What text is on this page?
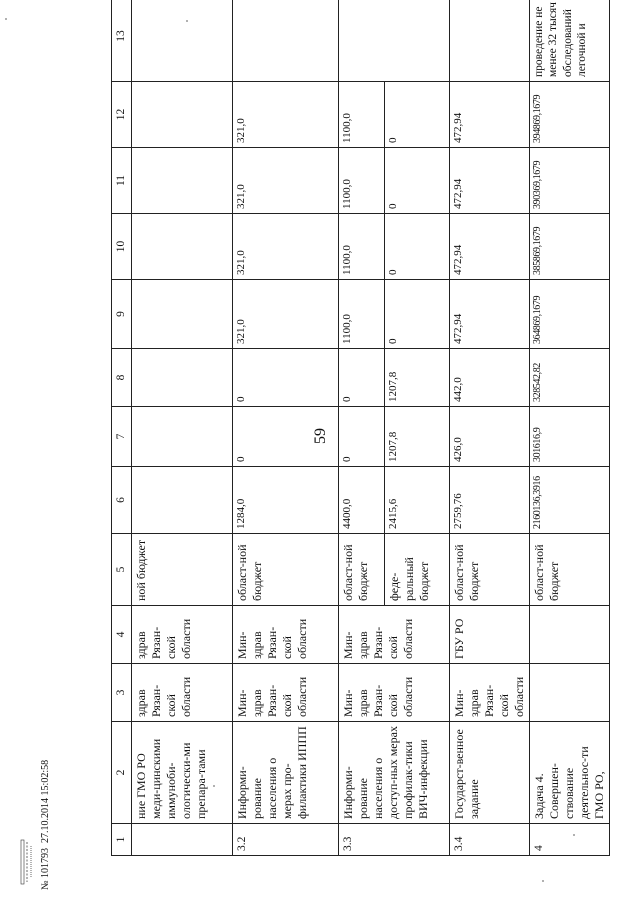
59
1	2	3	4	5	6	7	8	9	10	11	12	13
	ние ГМО РО меди-цинскими иммуноби-ологически-ми препара-тами	здрав Рязан-ской области	здрав Рязан-ской области	ной бюджет								
3.2	Информи-рование населения о мерах про-филактики ИППП	Мин-здрав Рязан-ской области	Мин-здрав Рязан-ской области	област-ной бюджет	1284,0	0	0	321,0	321,0	321,0	321,0	
3.3	Информи-рование населения о доступ-ных мерах профилак-тики ВИЧ-инфекции	Мин-здрав Рязан-ской области	Мин-здрав Рязан-ской области	област-ной бюджет	4400,0	0	0	1100,0	1100,0	1100,0	1100,0	
				феде-ральный бюджет	2415,6	1207,8	1207,8	0	0	0	0	
3.4	Государст-венное задание	Мин-здрав Рязан-ской области	ГБУ РО	област-ной бюджет	2759,76	426,0	442,0	472,94	472,94	472,94	472,94	
4	Задача 4. Совершен-ствование деятельнос-ти ГМО РО,			област-ной бюджет	2160136,3916	301616,9	328542,82	364869,1679	385869,1679	390369,1679	394869,1679	проведение не менее 32 тысяч обследований легочной и
№ 101793  27.10.2014 15:02:58
